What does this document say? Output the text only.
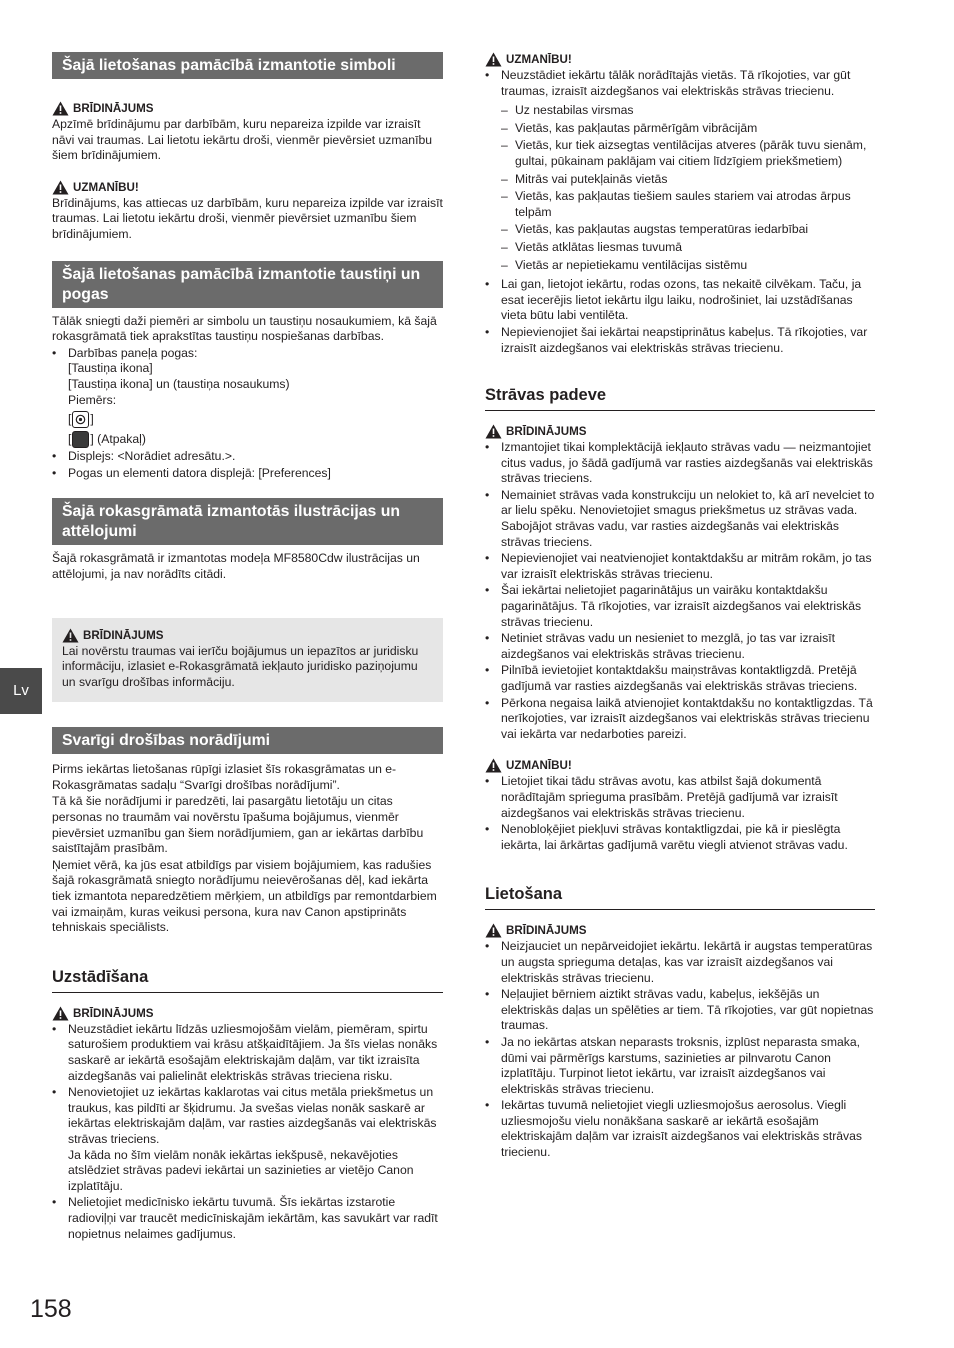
Lv
Šajā lietošanas pamācībā izmantotie simboli
BRĪDINĀJUMS

Apzīmē brīdinājumu par darbībām, kuru nepareiza izpilde var izraisīt nāvi vai traumas. Lai lietotu iekārtu droši, vienmēr pievērsiet uzmanību šiem brīdinājumiem.

UZMANĪBU!

Brīdinājums, kas attiecas uz darbībām, kuru nepareiza izpilde var izraisīt traumas. Lai lietotu iekārtu droši, vienmēr pievērsiet uzmanību šiem brīdinājumiem.

Šajā lietošanas pamācībā izmantotie taustiņi un pogas

Tālāk sniegti daži piemēri ar simbolu un taustiņu nosaukumiem, kā šajā rokasgrāmatā tiek aprakstītas taustiņu nospiešanas darbības.

• Darbības paneļa pogas:
[Taustiņa ikona]
[Taustiņa ikona] un (taustiņa nosaukums)
Piemērs:
[ ]
[ ] (Atpakaļ)
• Displejs: <Norādiet adresātu.>.
• Pogas un elementi datora displejā: [Preferences]
Šajā rokasgrāmatā izmantotās ilustrācijas un attēlojumi

Šajā rokasgrāmatā ir izmantotas modeļa MF8580Cdw ilustrācijas un attēlojumi, ja nav norādīts citādi.

BRĪDINĀJUMS

Lai novērstu traumas vai ierīču bojājumus un iepazītos ar juridisku informāciju, izlasiet e-Rokasgrāmatā iekļauto juridisko paziņojumu un svarīgu drošības informāciju.

Svarīgi drošības norādījumi

Pirms iekārtas lietošanas rūpīgi izlasiet šīs rokasgrāmatas un e-Rokasgrāmatas sadaļu “Svarīgi drošības norādījumi”.

Tā kā šie norādījumi ir paredzēti, lai pasargātu lietotāju un citas personas no traumām vai novērstu īpašuma bojājumus, vienmēr pievērsiet uzmanību gan šiem norādījumiem, gan ar iekārtas darbību saistītajām prasībām.

Ņemiet vērā, ka jūs esat atbildīgs par visiem bojājumiem, kas radušies šajā rokasgrāmatā sniegto norādījumu neievērošanas dēļ, kad iekārta tiek izmantota neparedzētiem mērķiem, un atbildīgs par remontdarbiem vai izmaiņām, kuras veikusi persona, kura nav Canon apstiprināts tehniskais speciālists.

Uzstādīšana
BRĪDINĀJUMS
• Neuzstādiet iekārtu līdzās uzliesmojošām vielām, piemēram, spirtu saturošiem produktiem vai krāsu atšķaidītājiem. Ja šīs vielas nonāks saskarē ar iekārtā esošajām elektriskajām daļām, var tikt izraisīta aizdegšanās vai palielināt elektriskās strāvas trieciena risku.
• Nenovietojiet uz iekārtas kaklarotas vai citus metāla priekšmetus un traukus, kas pildīti ar šķidrumu. Ja svešas vielas nonāk saskarē ar iekārtas elektriskajām daļām, var rasties aizdegšanās vai elektriskās strāvas trieciens.
Ja kāda no šīm vielām nonāk iekārtas iekšpusē, nekavējoties atslēdziet strāvas padevi iekārtai un sazinieties ar vietējo Canon izplatītāju.
• Nelietojiet medicīnisko iekārtu tuvumā. Šīs iekārtas izstarotie radioviļņi var traucēt medicīniskajām iekārtām, kas savukārt var radīt nopietnus nelaimes gadījumus.
UZMANĪBU!
• Neuzstādiet iekārtu tālāk norādītajās vietās. Tā rīkojoties, var gūt traumas, izraisīt aizdegšanos vai elektriskās strāvas triecienu.
– Uz nestabilas virsmas
– Vietās, kas pakļautas pārmērīgām vibrācijām
– Vietās, kur tiek aizsegtas ventilācijas atveres (pārāk tuvu sienām, gultai, pūkainam paklājam vai citiem līdzīgiem priekšmetiem)
– Mitrās vai putekļainās vietās
– Vietās, kas pakļautas tiešiem saules stariem vai atrodas ārpus telpām
– Vietās, kas pakļautas augstas temperatūras iedarbībai
– Vietās atklātas liesmas tuvumā
– Vietās ar nepietiekamu ventilācijas sistēmu
• Lai gan, lietojot iekārtu, rodas ozons, tas nekaitē cilvēkam. Taču, ja esat iecerējis lietot iekārtu ilgu laiku, nodrošiniet, lai uzstādīšanas vieta būtu labi ventilēta.
• Nepievienojiet šai iekārtai neapstiprinātus kabeļus. Tā rīkojoties, var izraisīt aizdegšanos vai elektriskās strāvas triecienu.
Strāvas padeve
BRĪDINĀJUMS
• Izmantojiet tikai komplektācijā iekļauto strāvas vadu — neizmantojiet citus vadus, jo šādā gadījumā var rasties aizdegšanās vai elektriskās strāvas trieciens.
• Nemainiet strāvas vada konstrukciju un nelokiet to, kā arī nevelciet to ar lielu spēku. Nenovietojiet smagus priekšmetus uz strāvas vada. Sabojājot strāvas vadu, var rasties aizdegšanās vai elektriskās strāvas trieciens.
• Nepievienojiet vai neatvienojiet kontaktdakšu ar mitrām rokām, jo tas var izraisīt elektriskās strāvas triecienu.
• Šai iekārtai nelietojiet pagarinātājus un vairāku kontaktdakšu pagarinātājus. Tā rīkojoties, var izraisīt aizdegšanos vai elektriskās strāvas triecienu.
• Netiniet strāvas vadu un nesieniet to mezglā, jo tas var izraisīt aizdegšanos vai elektriskās strāvas triecienu.
• Pilnībā ievietojiet kontaktdakšu maiņstrāvas kontaktligzdā. Pretējā gadījumā var rasties aizdegšanās vai elektriskās strāvas trieciens.
• Pērkona negaisa laikā atvienojiet kontaktdakšu no kontaktligzdas. Tā nerīkojoties, var izraisīt aizdegšanos vai elektriskās strāvas triecienu vai iekārta var nedarboties pareizi.
UZMANĪBU!
• Lietojiet tikai tādu strāvas avotu, kas atbilst šajā dokumentā norādītajām sprieguma prasībām. Pretējā gadījumā var izraisīt aizdegšanos vai elektriskās strāvas triecienu.
• Nenobloķējiet piekļuvi strāvas kontaktligzdai, pie kā ir pieslēgta iekārta, lai ārkārtas gadījumā varētu viegli atvienot strāvas vadu.
Lietošana
BRĪDINĀJUMS
• Neizjauciet un nepārveidojiet iekārtu. Iekārtā ir augstas temperatūras un augsta sprieguma detaļas, kas var izraisīt aizdegšanos vai elektriskās strāvas triecienu.
• Neļaujiet bērniem aiztikt strāvas vadu, kabeļus, iekšējās un elektriskās daļas un spēlēties ar tiem. Tā rīkojoties, var gūt nopietnas traumas.
• Ja no iekārtas atskan neparasts troksnis, izplūst neparasta smaka, dūmi vai pārmērīgs karstums, sazinieties ar pilnvarotu Canon izplatītāju. Turpinot lietot iekārtu, var izraisīt aizdegšanos vai elektriskās strāvas triecienu.
• Iekārtas tuvumā nelietojiet viegli uzliesmojošus aerosolus. Viegli uzliesmojošu vielu nonākšana saskarē ar iekārtā esošajām elektriskajām daļām var izraisīt aizdegšanos vai elektriskās strāvas triecienu.
158
